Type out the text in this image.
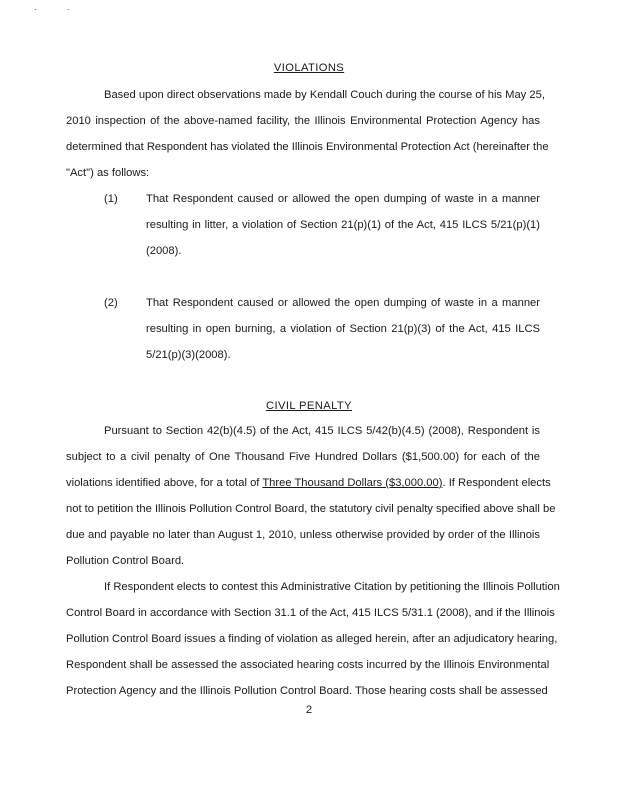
. .
VIOLATIONS
Based upon direct observations made by Kendall Couch during the course of his May 25,
2010 inspection of the above-named facility, the Illinois Environmental Protection Agency has
determined that Respondent has violated the Illinois Environmental Protection Act (hereinafter the
"Act") as follows:
(1)	That Respondent caused or allowed the open dumping of waste in a manner
resulting in litter, a violation of Section 21(p)(1) of the Act, 415 ILCS 5/21(p)(1)
(2008).
(2)	That Respondent caused or allowed the open dumping of waste in a manner
resulting in open burning, a violation of Section 21(p)(3) of the Act, 415 ILCS
5/21(p)(3)(2008).
CIVIL PENALTY
Pursuant to Section 42(b)(4.5) of the Act, 415 ILCS 5/42(b)(4.5) (2008), Respondent is
subject to a civil penalty of One Thousand Five Hundred Dollars ($1,500.00) for each of the
violations identified above, for a total of Three Thousand Dollars ($3,000.00). If Respondent elects
not to petition the Illinois Pollution Control Board, the statutory civil penalty specified above shall be
due and payable no later than August 1, 2010, unless otherwise provided by order of the Illinois
Pollution Control Board.
If Respondent elects to contest this Administrative Citation by petitioning the Illinois Pollution
Control Board in accordance with Section 31.1 of the Act, 415 ILCS 5/31.1 (2008), and if the Illinois
Pollution Control Board issues a finding of violation as alleged herein, after an adjudicatory hearing,
Respondent shall be assessed the associated hearing costs incurred by the Illinois Environmental
Protection Agency and the Illinois Pollution Control Board. Those hearing costs shall be assessed
2
